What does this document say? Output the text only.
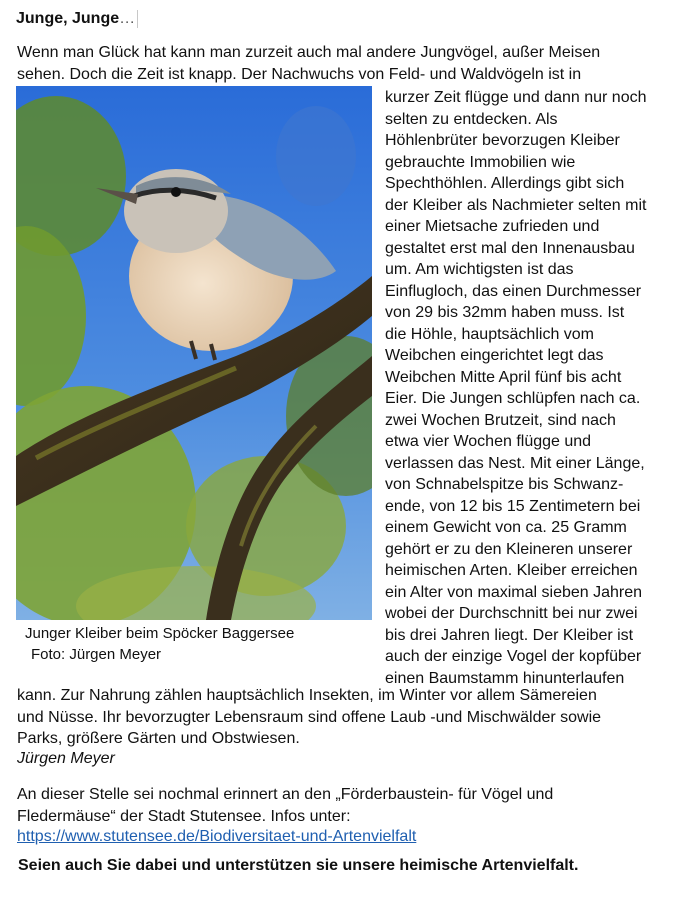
Junge, Junge…
Wenn man Glück hat kann man zurzeit auch mal andere Jungvögel, außer Meisen
sehen. Doch die Zeit ist knapp. Der Nachwuchs von Feld- und Waldvögeln ist in
kurzer Zeit flügge und dann nur noch
selten zu entdecken. Als
Höhlenbrüter bevorzugen Kleiber
gebrauchte Immobilien wie
Spechthöhlen. Allerdings gibt sich
der Kleiber als Nachmieter selten mit
einer Mietsache zufrieden und
gestaltet erst mal den Innenausbau
um. Am wichtigsten ist das
Einflugloch, das einen Durchmesser
von 29 bis 32mm haben muss. Ist
die Höhle, hauptsächlich vom
Weibchen eingerichtet legt das
Weibchen Mitte April fünf bis acht
Eier. Die Jungen schlüpfen nach ca.
zwei Wochen Brutzeit, sind nach
etwa vier Wochen flügge und
verlassen das Nest. Mit einer Länge,
von Schnabelspitze bis Schwanz-
ende, von 12 bis 15 Zentimetern bei
einem Gewicht von ca. 25 Gramm
gehört er zu den Kleineren unserer
heimischen Arten. Kleiber erreichen
ein Alter von maximal sieben Jahren
wobei der Durchschnitt bei nur zwei
bis drei Jahren liegt. Der Kleiber ist
auch der einzige Vogel der kopfüber
einen Baumstamm hinunterlaufen
Junger Kleiber beim Spöcker Baggersee
Foto: Jürgen Meyer
kann. Zur Nahrung zählen hauptsächlich Insekten, im Winter vor allem Sämereien
und Nüsse. Ihr bevorzugter Lebensraum sind offene Laub -und Mischwälder sowie
Parks, größere Gärten und Obstwiesen.
Jürgen Meyer
An dieser Stelle sei nochmal erinnert an den „Förderbaustein- für Vögel und
Fledermäuse“ der Stadt Stutensee. Infos unter:
https://www.stutensee.de/Biodiversitaet-und-Artenvielfalt
Seien auch Sie dabei und unterstützen sie unsere heimische Artenvielfalt.
